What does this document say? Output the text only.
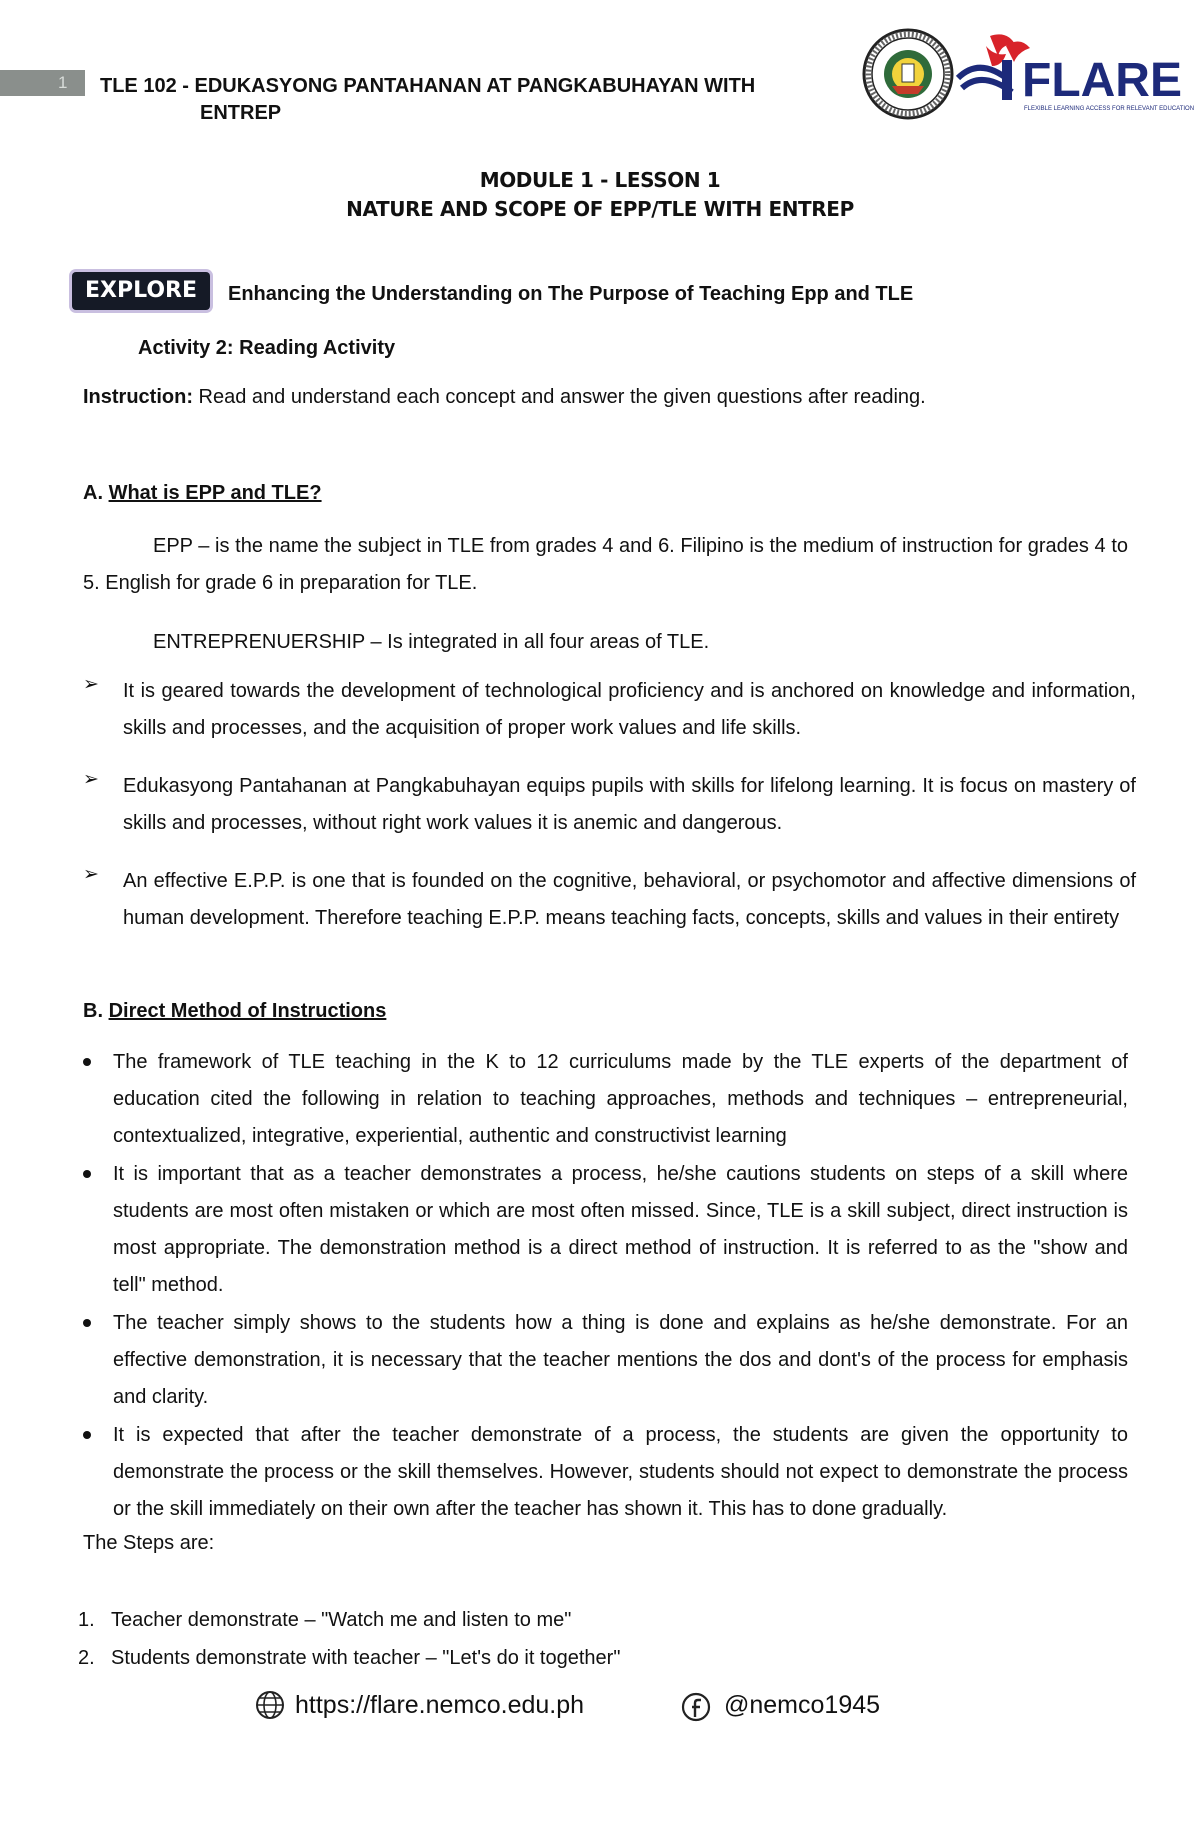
1 TLE 102 - EDUKASYONG PANTAHANAN AT PANGKABUHAYAN WITH
ENTREP
FLARE
FLEXIBLE LEARNING ACCESS FOR RELEVANT EDUCATION
MODULE 1 - LESSON 1
NATURE AND SCOPE OF EPP/TLE WITH ENTREP
EXPLORE	Enhancing the Understanding on The Purpose of Teaching Epp and TLE
Activity 2: Reading Activity
Instruction: Read and understand each concept and answer the given questions after reading.
A. What is EPP and TLE?
EPP – is the name the subject in TLE from grades 4 and 6. Filipino is the medium of instruction for grades 4 to 5. English for grade 6 in preparation for TLE.
ENTREPRENUERSHIP – Is integrated in all four areas of TLE.
➢ It is geared towards the development of technological proficiency and is anchored on knowledge and information, skills and processes, and the acquisition of proper work values and life skills.
➢ Edukasyong Pantahanan at Pangkabuhayan equips pupils with skills for lifelong learning. It is focus on mastery of skills and processes, without right work values it is anemic and dangerous.
➢ An effective E.P.P. is one that is founded on the cognitive, behavioral, or psychomotor and affective dimensions of human development. Therefore teaching E.P.P. means teaching facts, concepts, skills and values in their entirety
B. Direct Method of Instructions
The framework of TLE teaching in the K to 12 curriculums made by the TLE experts of the department of education cited the following in relation to teaching approaches, methods and techniques – entrepreneurial, contextualized, integrative, experiential, authentic and constructivist learning
It is important that as a teacher demonstrates a process, he/she cautions students on steps of a skill where students are most often mistaken or which are most often missed. Since, TLE is a skill subject, direct instruction is most appropriate. The demonstration method is a direct method of instruction. It is referred to as the "show and tell" method.
The teacher simply shows to the students how a thing is done and explains as he/she demonstrate. For an effective demonstration, it is necessary that the teacher mentions the dos and dont's of the process for emphasis and clarity.
It is expected that after the teacher demonstrate of a process, the students are given the opportunity to demonstrate the process or the skill themselves. However, students should not expect to demonstrate the process or the skill immediately on their own after the teacher has shown it. This has to done gradually.
The Steps are:
1. Teacher demonstrate – "Watch me and listen to me"
2. Students demonstrate with teacher – "Let's do it together"
https://flare.nemco.edu.ph	@nemco1945
